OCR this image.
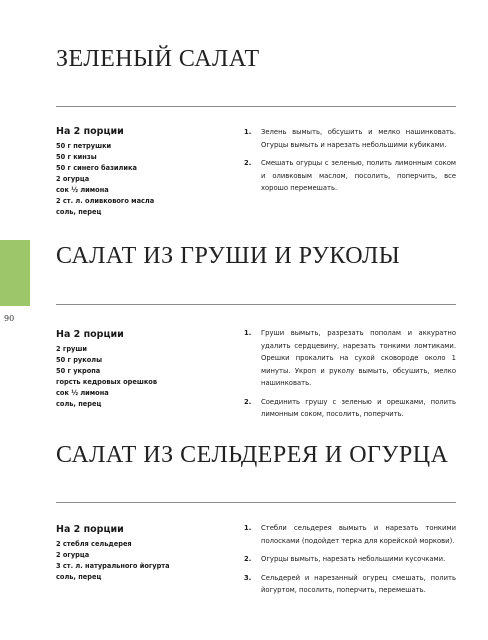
90
ЗЕЛЕНЫЙ САЛАТ
На 2 порции
50 г петрушки
50 г кинзы
50 г синего базилика
2 огурца
сок ½ лимона
2 ст. л. оливкового масла
соль, перец
1. Зелень вымыть, обсушить и мелко нашинковать. Огурцы вымыть и нарезать небольшими кубиками.
2. Смешать огурцы с зеленью, полить лимонным соком и оливковым маслом, посолить, поперчить, все хорошо перемешать.
САЛАТ ИЗ ГРУШИ И РУКОЛЫ
На 2 порции
2 груши
50 г руколы
50 г укропа
горсть кедровых орешков
сок ½ лимона
соль, перец
1. Груши вымыть, разрезать пополам и аккуратно удалить сердцевину, нарезать тонкими ломтиками. Орешки прокалить на сухой сковороде около 1 минуты. Укроп и руколу вымыть, обсушить, мелко нашинковать.
2. Соединить грушу с зеленью и орешками, полить лимонным соком, посолить, поперчить.
САЛАТ ИЗ СЕЛЬДЕРЕЯ И ОГУРЦА
На 2 порции
2 стебля сельдерея
2 огурца
3 ст. л. натурального йогурта
соль, перец
1. Стебли сельдерея вымыть и нарезать тонкими полосками (подойдет терка для корейской моркови).
2. Огурцы вымыть, нарезать небольшими кусочками.
3. Сельдерей и нарезанный огурец смешать, полить йогуртом, посолить, поперчить, перемешать.
